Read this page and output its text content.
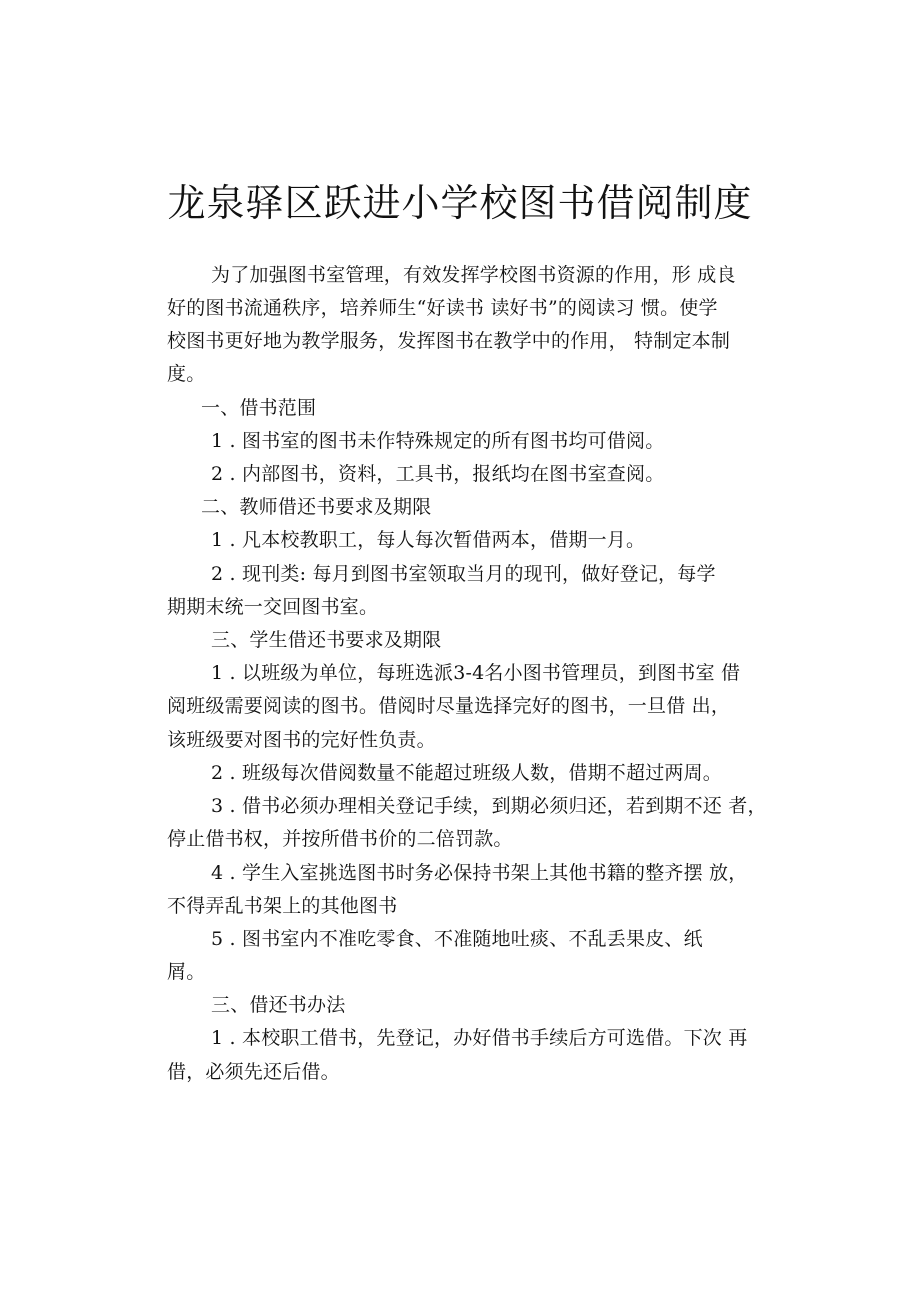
龙泉驿区跃进小学校图书借阅制度
为了加强图书室管理，有效发挥学校图书资源的作用，形 成良
好的图书流通秩序，培养师生“好读书 读好书”的阅读习 惯。使学
校图书更好地为教学服务，发挥图书在教学中的作用， 特制定本制
度。
一、借书范围
1 . 图书室的图书未作特殊规定的所有图书均可借阅。
2 . 内部图书，资料，工具书，报纸均在图书室查阅。
二、教师借还书要求及期限
1 . 凡本校教职工，每人每次暂借两本，借期一月。
2 . 现刊类: 每月到图书室领取当月的现刊，做好登记，每学
期期末统一交回图书室。
三、学生借还书要求及期限
1 . 以班级为单位，每班选派3-4名小图书管理员，到图书室 借
阅班级需要阅读的图书。借阅时尽量选择完好的图书，一旦借 出，
该班级要对图书的完好性负责。
2 . 班级每次借阅数量不能超过班级人数，借期不超过两周。
3 . 借书必须办理相关登记手续，到期必须归还，若到期不还 者，
停止借书权，并按所借书价的二倍罚款。
4 . 学生入室挑选图书时务必保持书架上其他书籍的整齐摆 放，
不得弄乱书架上的其他图书
5 . 图书室内不准吃零食、不准随地吐痰、不乱丢果皮、纸
屑。
三、借还书办法
1 . 本校职工借书，先登记，办好借书手续后方可选借。下次 再
借，必须先还后借。
